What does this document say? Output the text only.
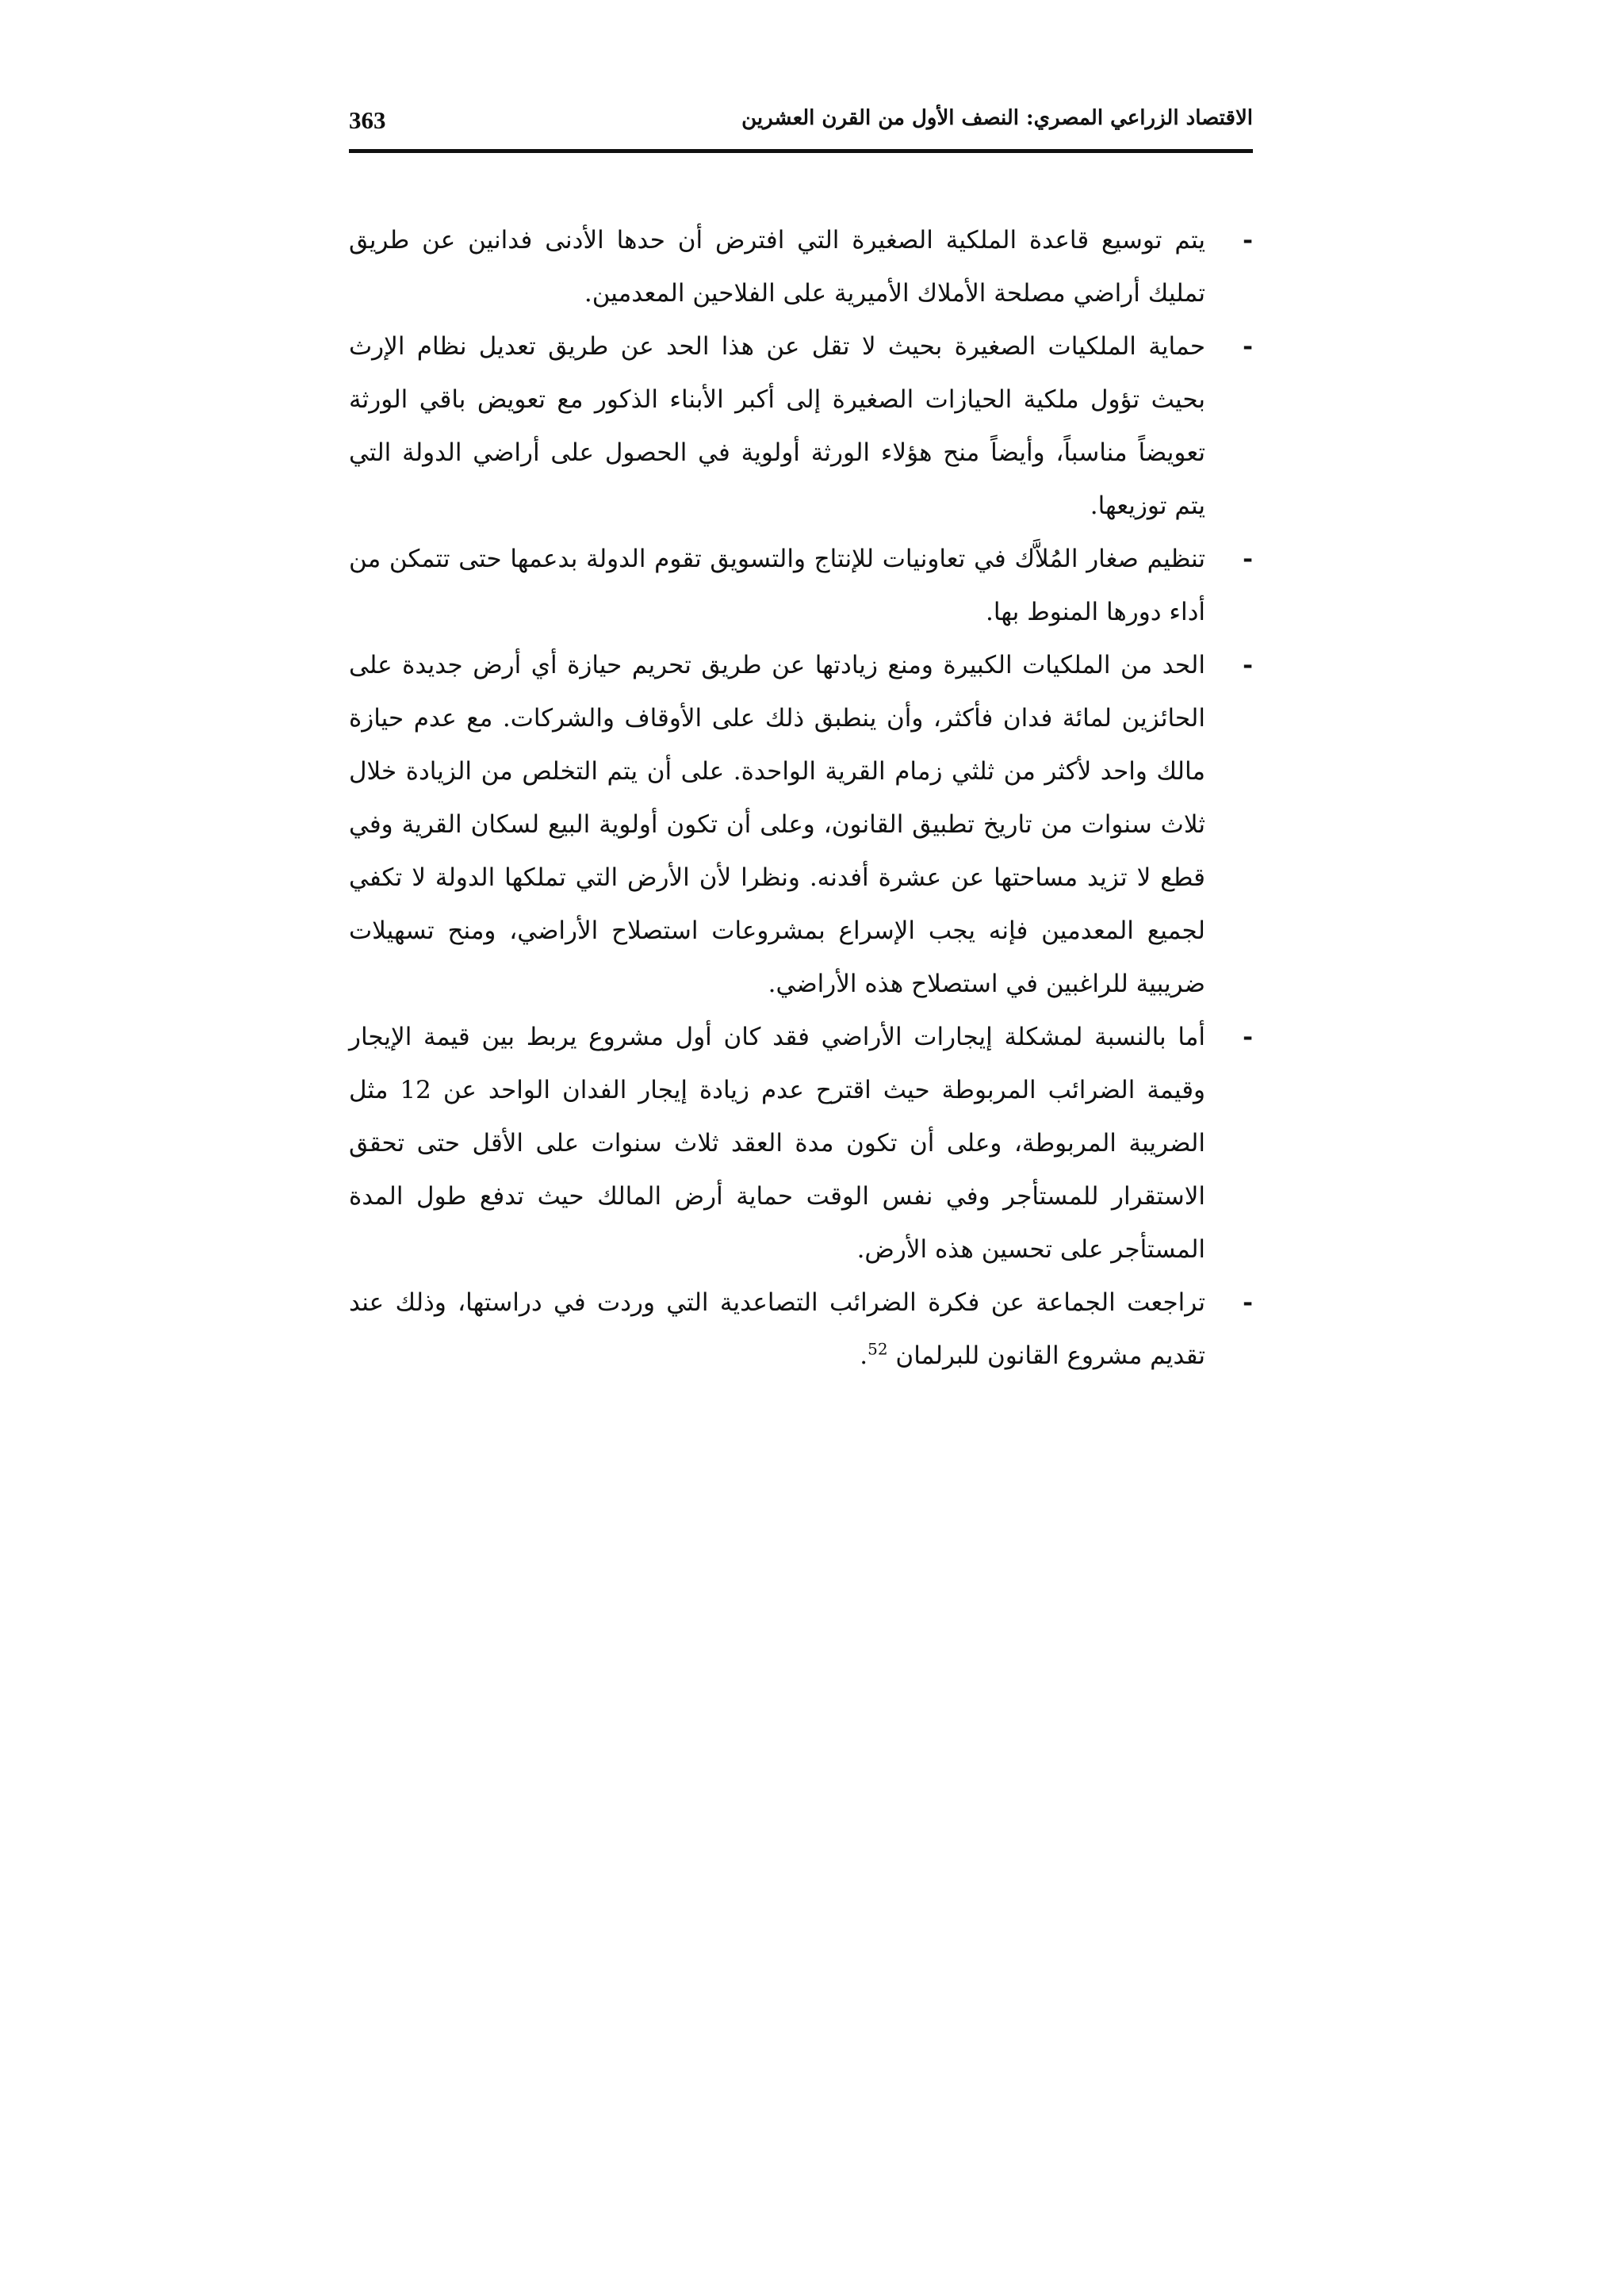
363	الاقتصاد الزراعي المصري: النصف الأول من القرن العشرين
-
يتم توسيع قاعدة الملكية الصغيرة التي افترض أن حدها الأدنى فدانين عن طريق تمليك أراضي مصلحة الأملاك الأميرية على الفلاحين المعدمين.
-
حماية الملكيات الصغيرة بحيث لا تقل عن هذا الحد عن طريق تعديل نظام الإرث بحيث تؤول ملكية الحيازات الصغيرة إلى أكبر الأبناء الذكور مع تعويض باقي الورثة تعويضاً مناسباً، وأيضاً منح هؤلاء الورثة أولوية في الحصول على أراضي الدولة التي يتم توزيعها.
-
تنظيم صغار المُلاَّك في تعاونيات للإنتاج والتسويق تقوم الدولة بدعمها حتى تتمكن من أداء دورها المنوط بها.
-
الحد من الملكيات الكبيرة ومنع زيادتها عن طريق تحريم حيازة أي أرض جديدة على الحائزين لمائة فدان فأكثر، وأن ينطبق ذلك على الأوقاف والشركات. مع عدم حيازة مالك واحد لأكثر من ثلثي زمام القرية الواحدة. على أن يتم التخلص من الزيادة خلال ثلاث سنوات من تاريخ تطبيق القانون، وعلى أن تكون أولوية البيع لسكان القرية وفي قطع لا تزيد مساحتها عن عشرة أفدنه. ونظرا لأن الأرض التي تملكها الدولة لا تكفي لجميع المعدمين فإنه يجب الإسراع بمشروعات استصلاح الأراضي، ومنح تسهيلات ضريبية للراغبين في استصلاح هذه الأراضي.
-
أما بالنسبة لمشكلة إيجارات الأراضي فقد كان أول مشروع يربط بين قيمة الإيجار وقيمة الضرائب المربوطة حيث اقترح عدم زيادة إيجار الفدان الواحد عن 12 مثل الضريبة المربوطة، وعلى أن تكون مدة العقد ثلاث سنوات على الأقل حتى تحقق الاستقرار للمستأجر وفي نفس الوقت حماية أرض المالك حيث تدفع طول المدة المستأجر على تحسين هذه الأرض.
-
تراجعت الجماعة عن فكرة الضرائب التصاعدية التي وردت في دراستها، وذلك عند تقديم مشروع القانون للبرلمان $^{52}$.
